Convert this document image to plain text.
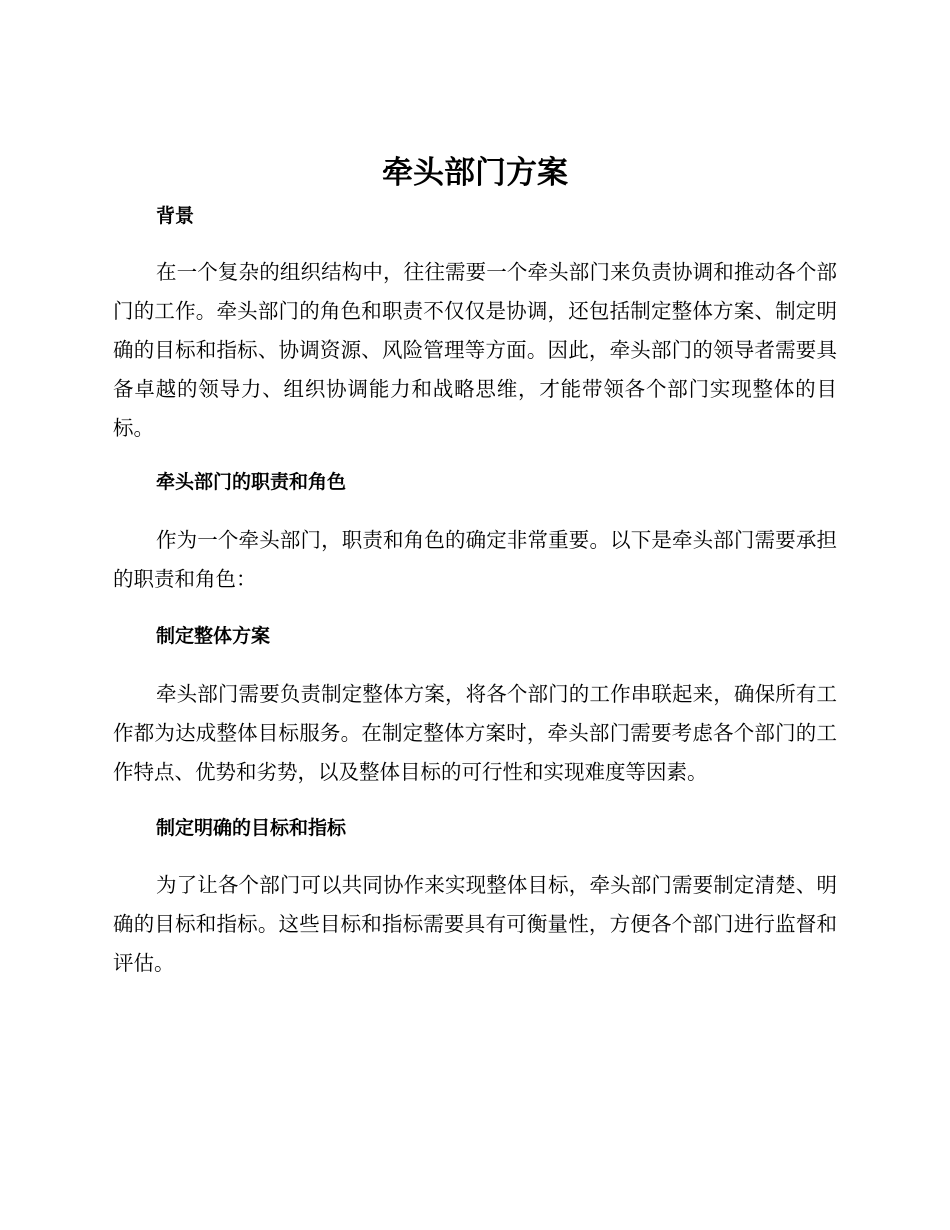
牵头部门方案
背景

在一个复杂的组织结构中，往往需要一个牵头部门来负责协调和推动各个部门的工作。牵头部门的角色和职责不仅仅是协调，还包括制定整体方案、制定明确的目标和指标、协调资源、风险管理等方面。因此，牵头部门的领导者需要具备卓越的领导力、组织协调能力和战略思维，才能带领各个部门实现整体的目标。

牵头部门的职责和角色

作为一个牵头部门，职责和角色的确定非常重要。以下是牵头部门需要承担的职责和角色：

制定整体方案

牵头部门需要负责制定整体方案，将各个部门的工作串联起来，确保所有工作都为达成整体目标服务。在制定整体方案时，牵头部门需要考虑各个部门的工作特点、优势和劣势，以及整体目标的可行性和实现难度等因素。

制定明确的目标和指标

为了让各个部门可以共同协作来实现整体目标，牵头部门需要制定清楚、明确的目标和指标。这些目标和指标需要具有可衡量性，方便各个部门进行监督和评估。
